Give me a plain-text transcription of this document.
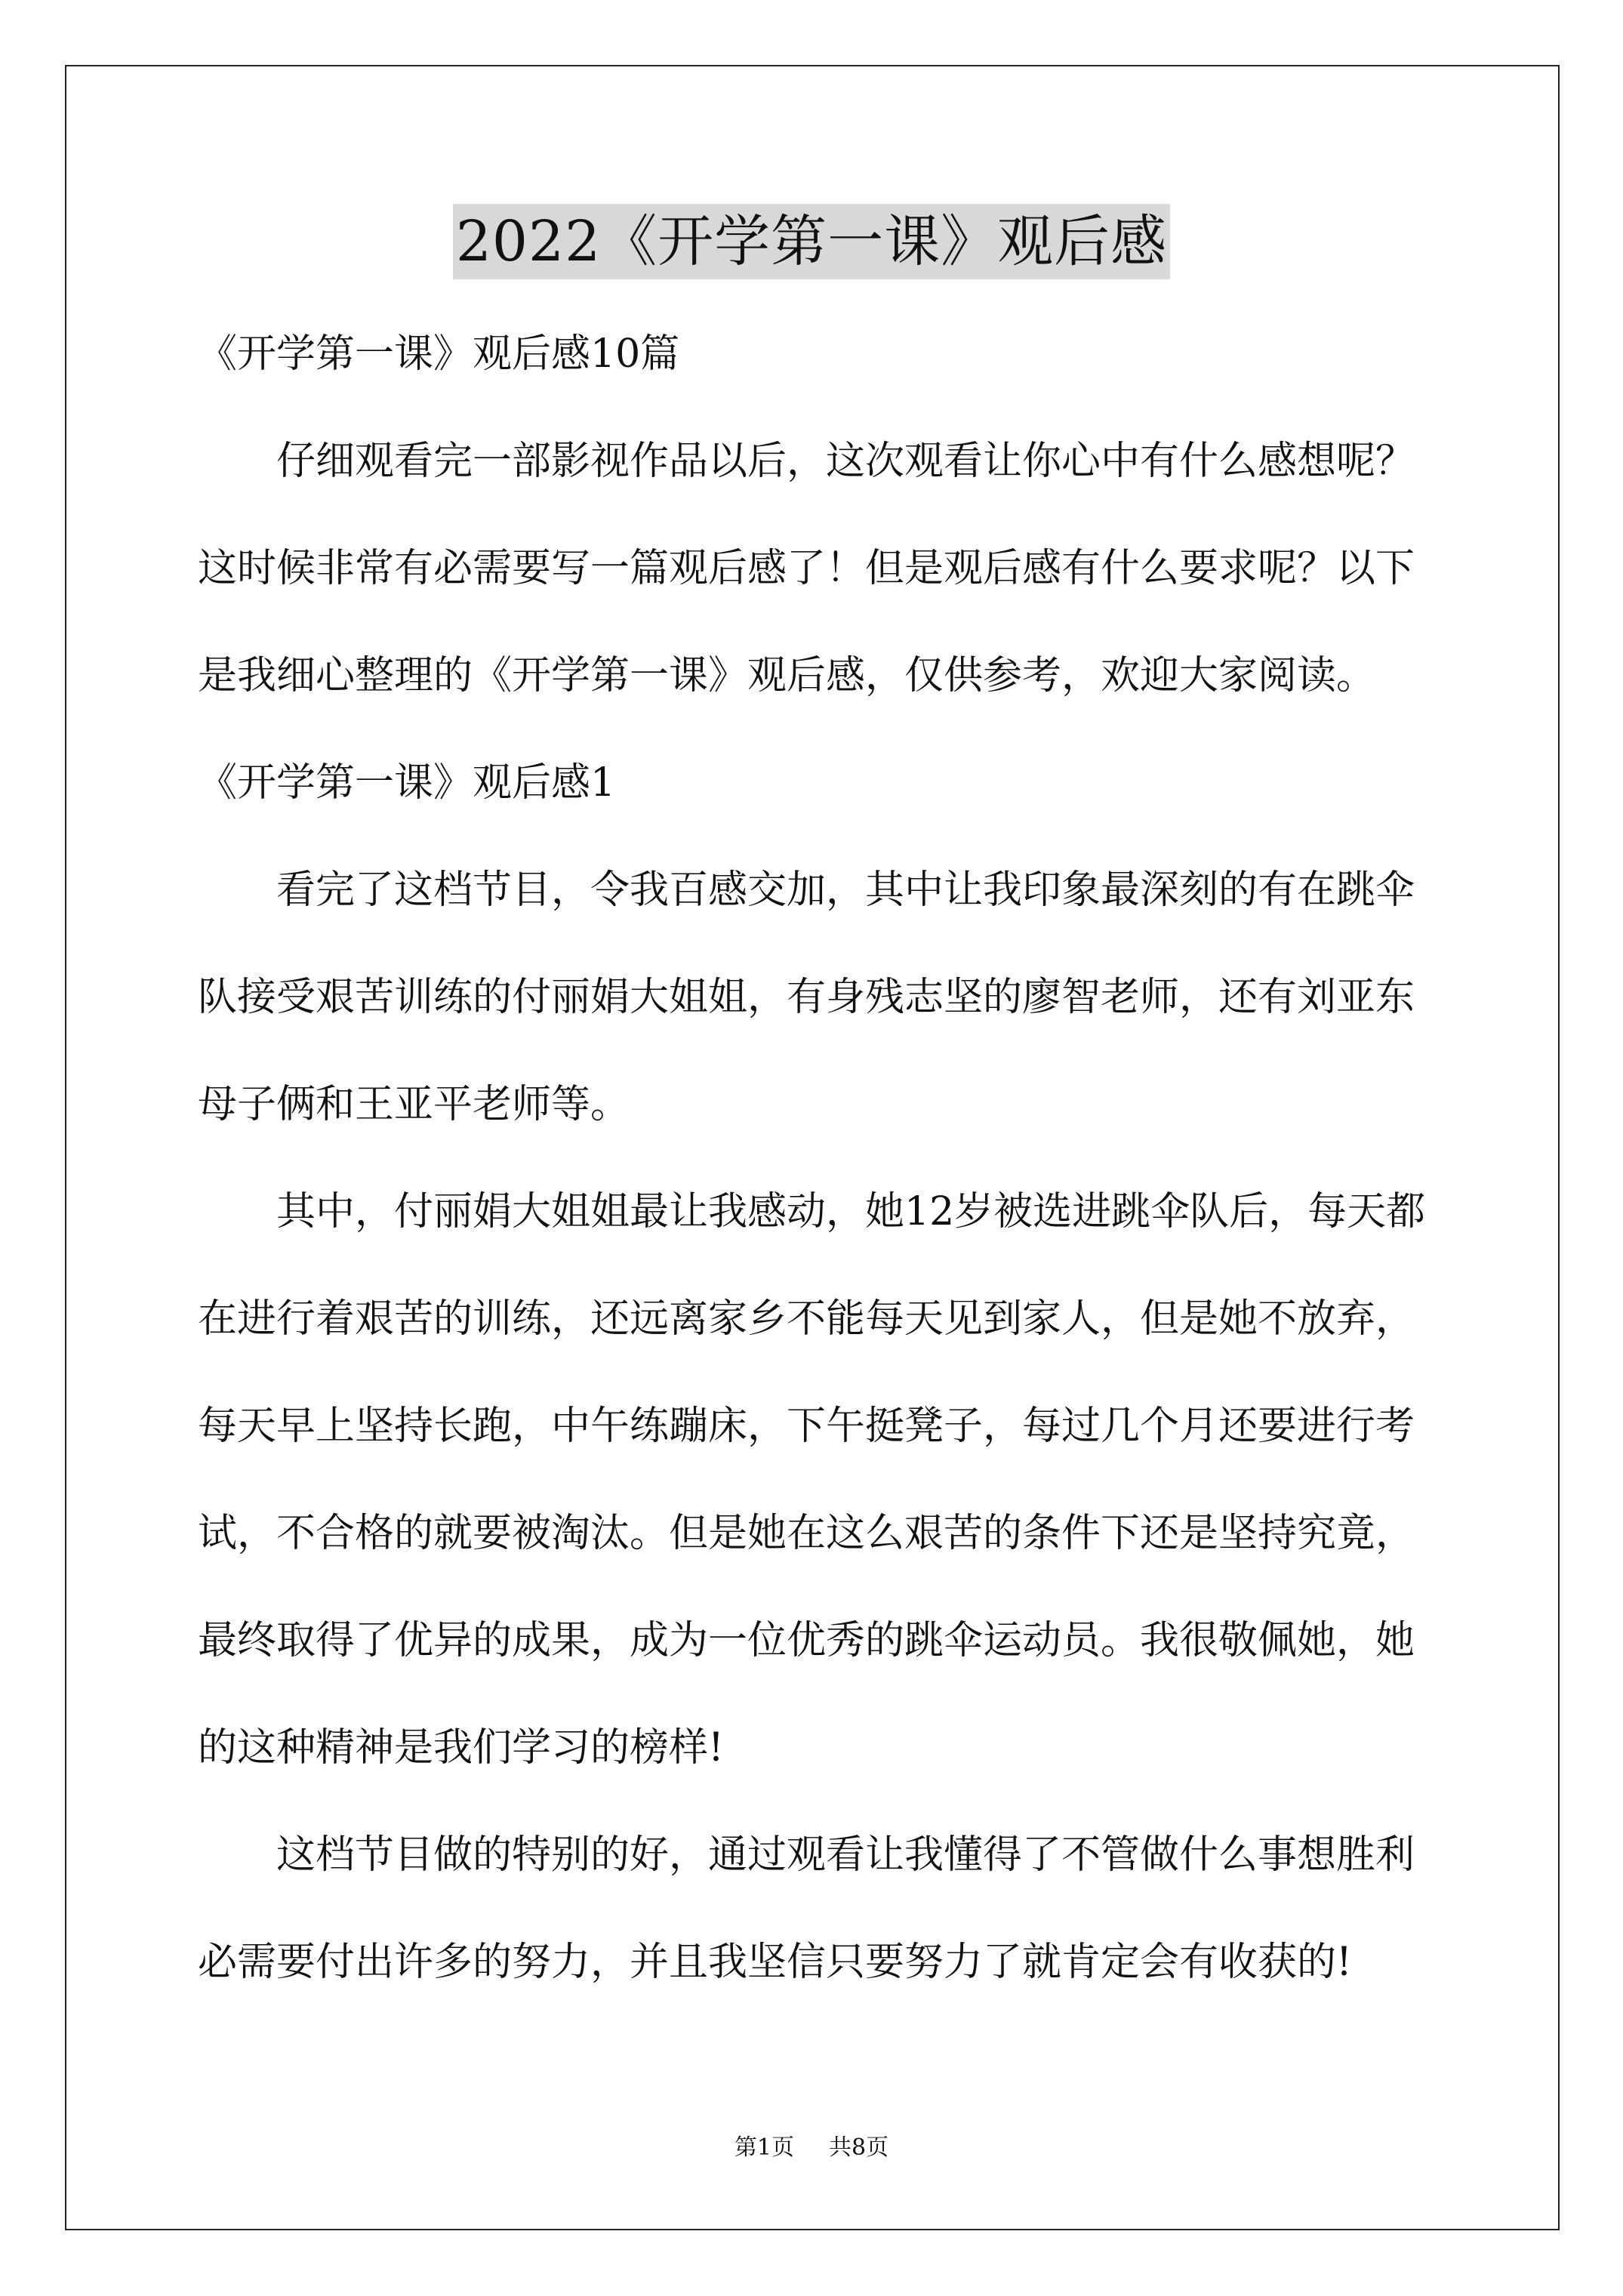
2022《开学第一课》观后感

《开学第一课》观后感10篇

仔细观看完一部影视作品以后，这次观看让你心中有什么感想呢？这时候非常有必需要写一篇观后感了！但是观后感有什么要求呢？以下是我细心整理的《开学第一课》观后感，仅供参考，欢迎大家阅读。

《开学第一课》观后感1

看完了这档节目，令我百感交加，其中让我印象最深刻的有在跳伞队接受艰苦训练的付丽娟大姐姐，有身残志坚的廖智老师，还有刘亚东母子俩和王亚平老师等。

其中，付丽娟大姐姐最让我感动，她12岁被选进跳伞队后，每天都在进行着艰苦的训练，还远离家乡不能每天见到家人，但是她不放弃，每天早上坚持长跑，中午练蹦床，下午挺凳子，每过几个月还要进行考试，不合格的就要被淘汰。但是她在这么艰苦的条件下还是坚持究竟，最终取得了优异的成果，成为一位优秀的跳伞运动员。我很敬佩她，她的这种精神是我们学习的榜样!

这档节目做的特别的好，通过观看让我懂得了不管做什么事想胜利必需要付出许多的努力，并且我坚信只要努力了就肯定会有收获的!

第1页 共8页
